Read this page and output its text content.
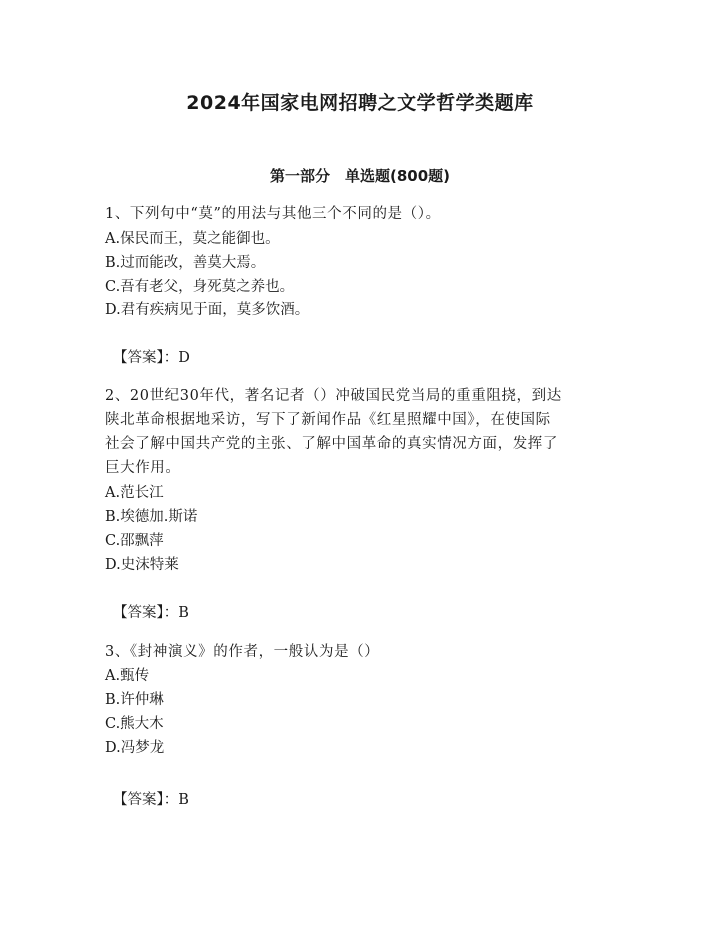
2024年国家电网招聘之文学哲学类题库
第一部分　单选题(800题)
1、下列句中“莫”的用法与其他三个不同的是（）。
A.保民而王，莫之能御也。
B.过而能改，善莫大焉。
C.吾有老父，身死莫之养也。
D.君有疾病见于面，莫多饮酒。
【答案】：D
2、20世纪30年代，著名记者（）冲破国民党当局的重重阻挠，到达
陕北革命根据地采访，写下了新闻作品《红星照耀中国》，在使国际
社会了解中国共产党的主张、了解中国革命的真实情况方面，发挥了
巨大作用。
A.范长江
B.埃德加.斯诺
C.邵飘萍
D.史沫特莱
【答案】：B
3、《封神演义》的作者，一般认为是（）
A.甄传
B.许仲琳
C.熊大木
D.冯梦龙
【答案】：B
